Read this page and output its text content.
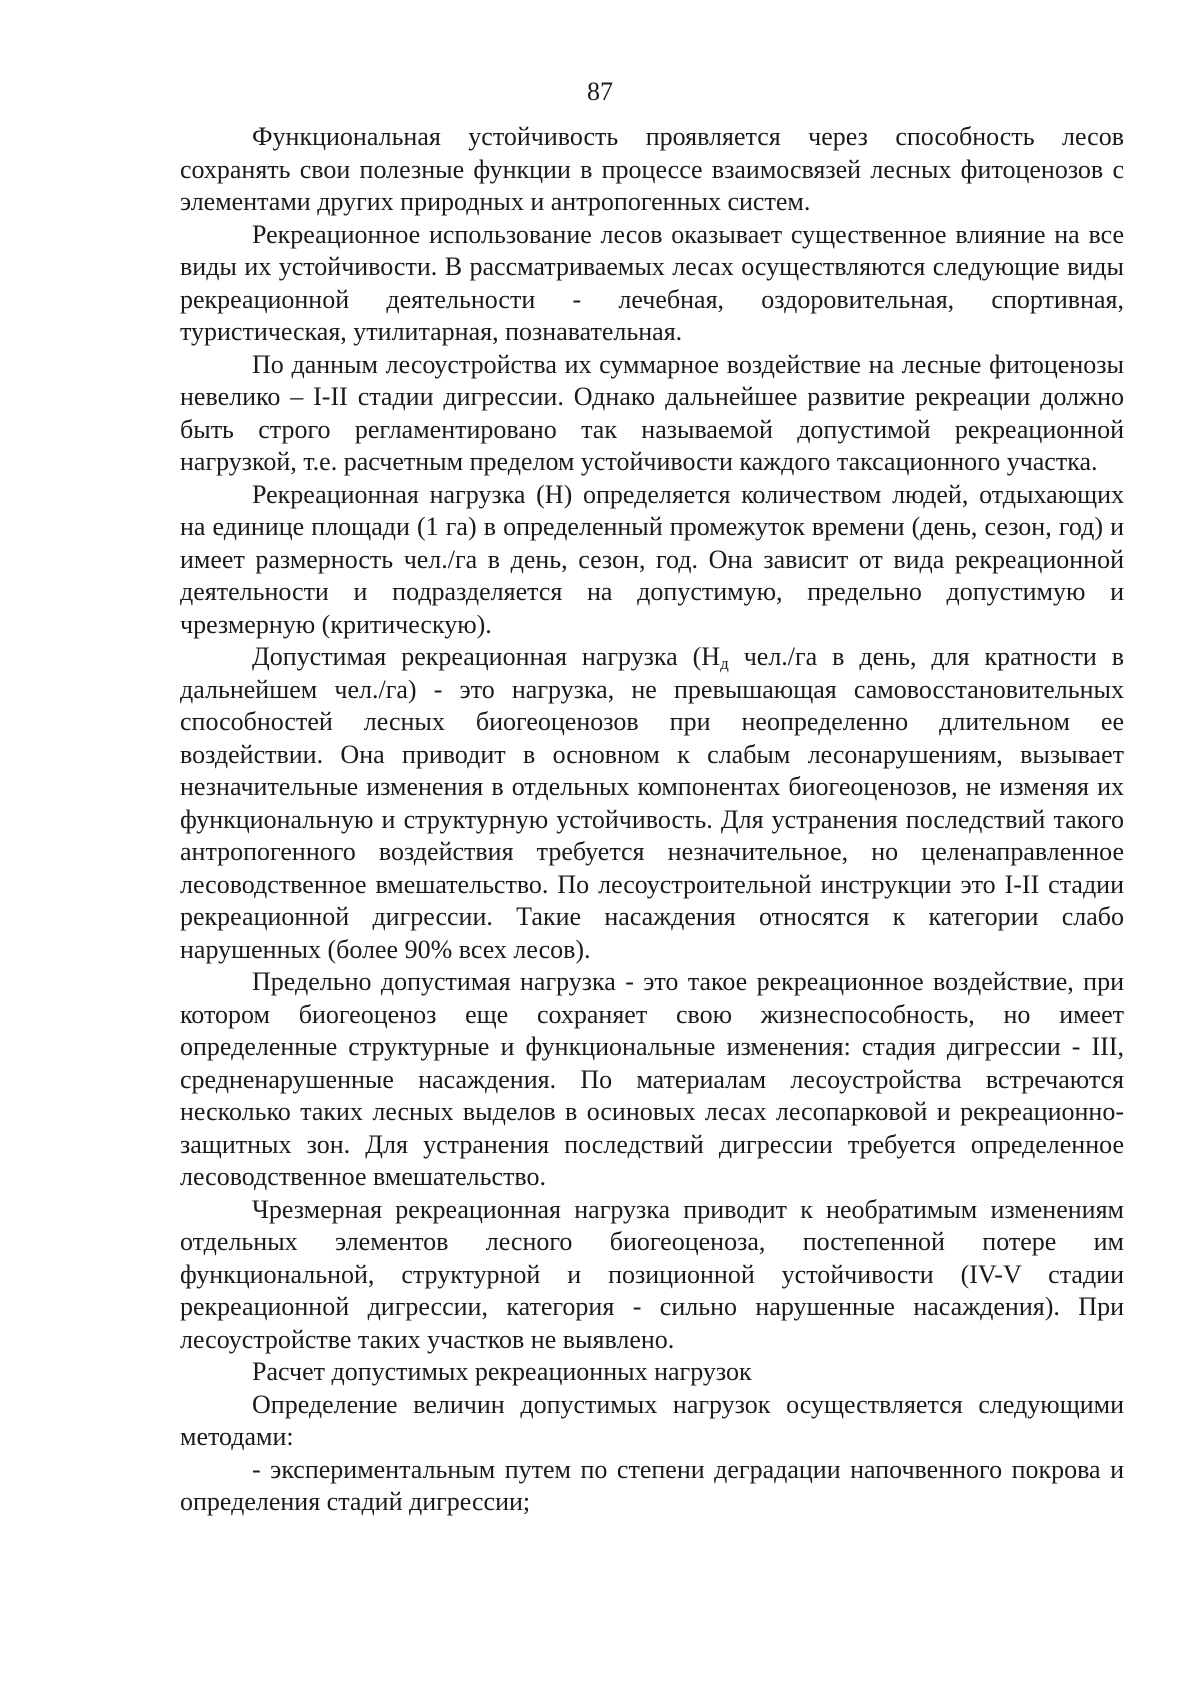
87

Функциональная устойчивость проявляется через способность лесов сохранять свои полезные функции в процессе взаимосвязей лесных фитоценозов с элементами других природных и антропогенных систем.

Рекреационное использование лесов оказывает существенное влияние на все виды их устойчивости. В рассматриваемых лесах осуществляются следующие виды рекреационной деятельности - лечебная, оздоровительная, спортивная, туристическая, утилитарная, познавательная.

По данным лесоустройства их суммарное воздействие на лесные фитоценозы невелико – I-II стадии дигрессии. Однако дальнейшее развитие рекреации должно быть строго регламентировано так называемой допустимой рекреационной нагрузкой, т.е. расчетным пределом устойчивости каждого таксационного участка.

Рекреационная нагрузка (Н) определяется количеством людей, отдыхающих на единице площади (1 га) в определенный промежуток времени (день, сезон, год) и имеет размерность чел./га в день, сезон, год. Она зависит от вида рекреационной деятельности и подразделяется на допустимую, предельно допустимую и чрезмерную (критическую).

Допустимая рекреационная нагрузка ($Н_д$ чел./га в день, для кратности в дальнейшем чел./га) - это нагрузка, не превышающая самовосстановительных способностей лесных биогеоценозов при неопределенно длительном ее воздействии. Она приводит в основном к слабым лесонарушениям, вызывает незначительные изменения в отдельных компонентах биогеоценозов, не изменяя их функциональную и структурную устойчивость. Для устранения последствий такого антропогенного воздействия требуется незначительное, но целенаправленное лесоводственное вмешательство. По лесоустроительной инструкции это I-II стадии рекреационной дигрессии. Такие насаждения относятся к категории слабо нарушенных (более 90% всех лесов).

Предельно допустимая нагрузка - это такое рекреационное воздействие, при котором биогеоценоз еще сохраняет свою жизнеспособность, но имеет определенные структурные и функциональные изменения: стадия дигрессии - III, средненарушенные насаждения. По материалам лесоустройства встречаются несколько таких лесных выделов в осиновых лесах лесопарковой и рекреационно-защитных зон. Для устранения последствий дигрессии требуется определенное лесоводственное вмешательство.

Чрезмерная рекреационная нагрузка приводит к необратимым изменениям отдельных элементов лесного биогеоценоза, постепенной потере им функциональной, структурной и позиционной устойчивости (IV-V стадии рекреационной дигрессии, категория - сильно нарушенные насаждения). При лесоустройстве таких участков не выявлено.

Расчет допустимых рекреационных нагрузок

Определение величин допустимых нагрузок осуществляется следующими методами:

- экспериментальным путем по степени деградации напочвенного покрова и определения стадий дигрессии;
